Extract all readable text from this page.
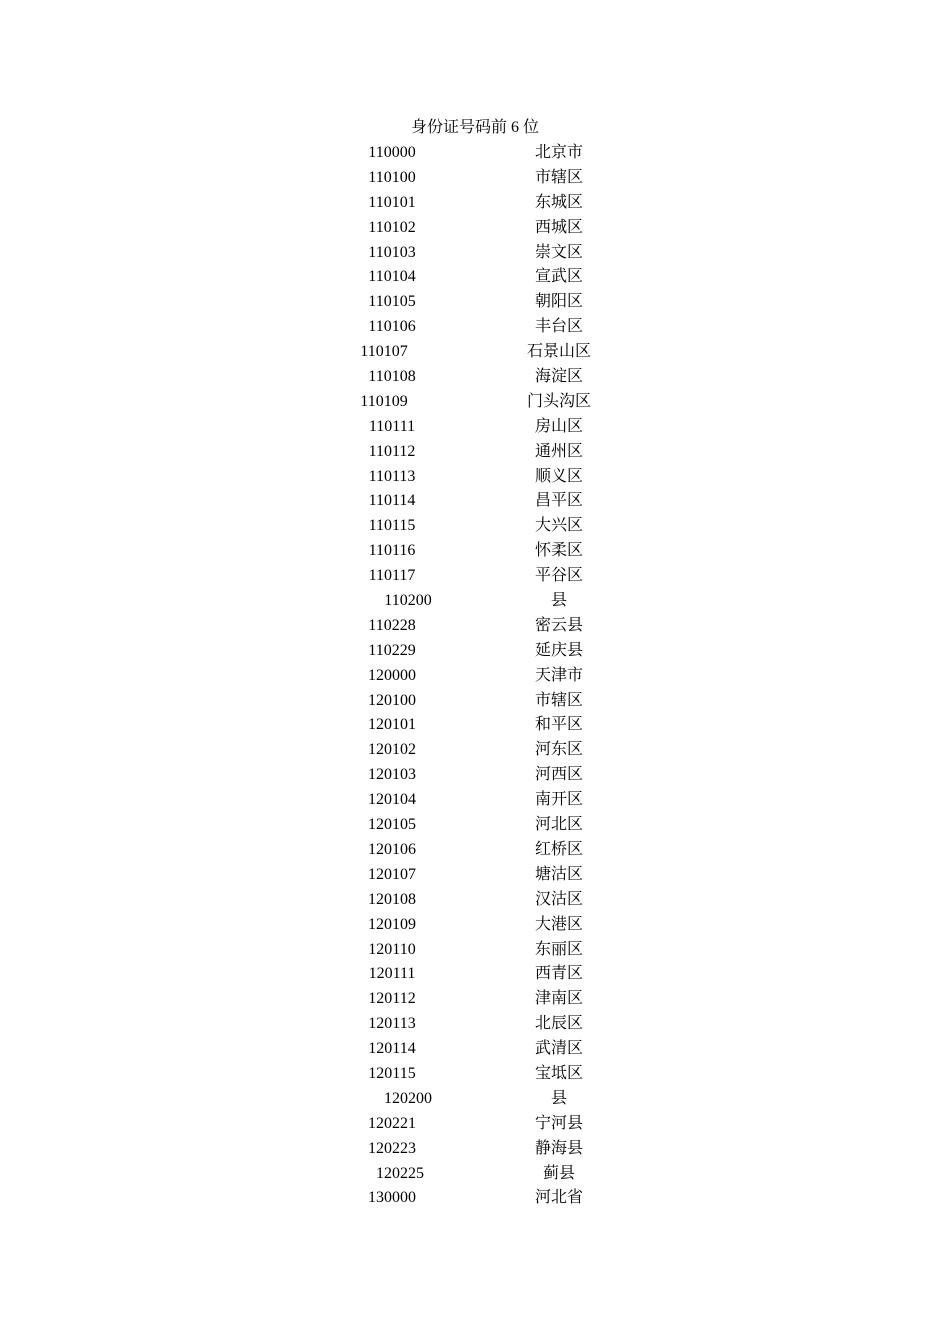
身份证号码前 6 位
110000	北京市
110100	市辖区
110101	东城区
110102	西城区
110103	崇文区
110104	宣武区
110105	朝阳区
110106	丰台区
110107	石景山区
110108	海淀区
110109	门头沟区
110111	房山区
110112	通州区
110113	顺义区
110114	昌平区
110115	大兴区
110116	怀柔区
110117	平谷区
110200	县
110228	密云县
110229	延庆县
120000	天津市
120100	市辖区
120101	和平区
120102	河东区
120103	河西区
120104	南开区
120105	河北区
120106	红桥区
120107	塘沽区
120108	汉沽区
120109	大港区
120110	东丽区
120111	西青区
120112	津南区
120113	北辰区
120114	武清区
120115	宝坻区
120200	县
120221	宁河县
120223	静海县
120225	蓟县
130000	河北省
